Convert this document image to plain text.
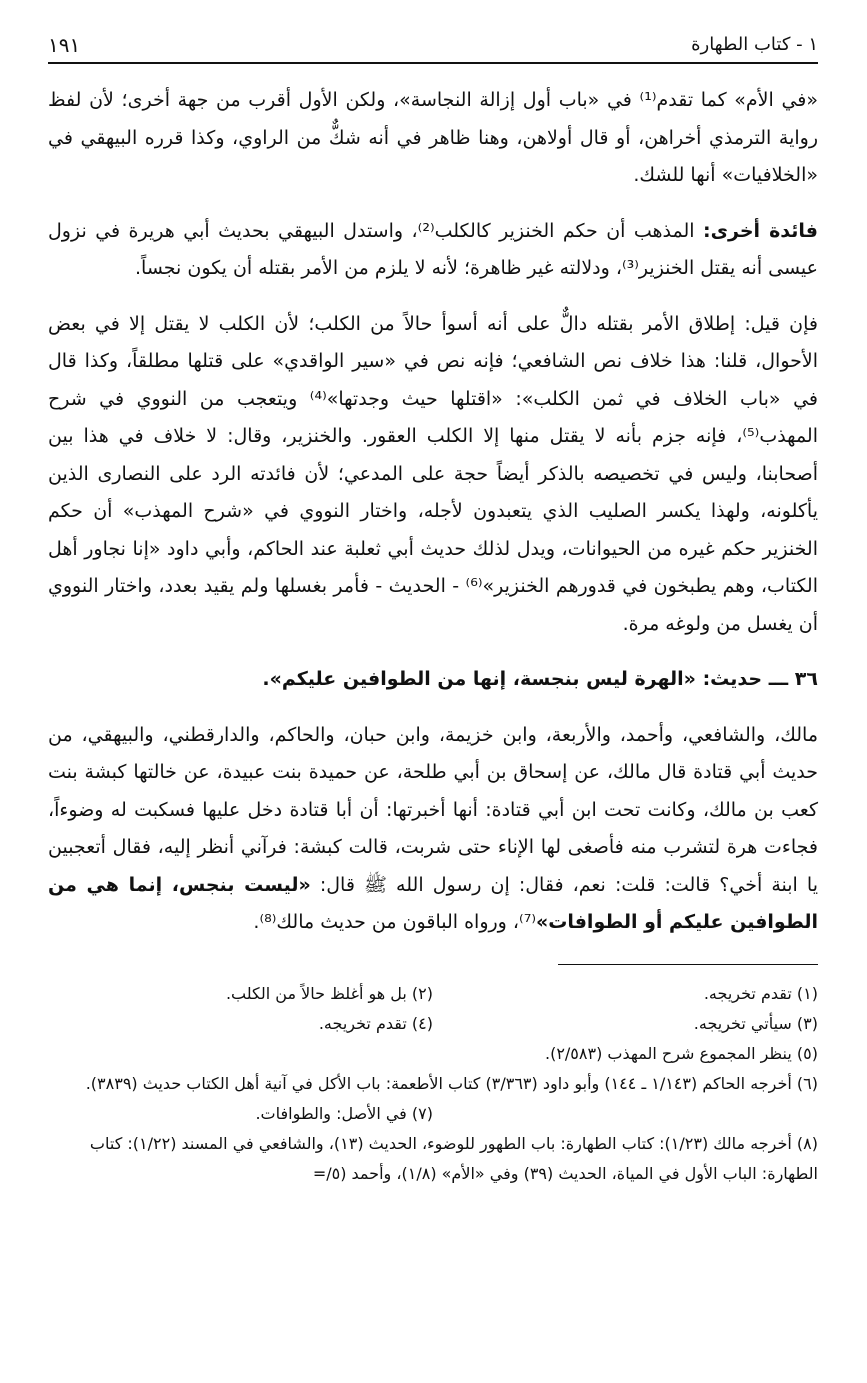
١ - كتاب الطهارة
١٩١

«في الأم» كما تقدم⁽¹⁾ في «باب أول إزالة النجاسة»، ولكن الأول أقرب من جهة أخرى؛ لأن لفظ رواية الترمذي أخراهن، أو قال أولاهن، وهنا ظاهر في أنه شكٌّ من الراوي، وكذا قرره البيهقي في «الخلافيات» أنها للشك.

فائدة أخرى: المذهب أن حكم الخنزير كالكلب⁽²⁾، واستدل البيهقي بحديث أبي هريرة في نزول عيسى أنه يقتل الخنزير⁽³⁾، ودلالته غير ظاهرة؛ لأنه لا يلزم من الأمر بقتله أن يكون نجساً.

فإن قيل: إطلاق الأمر بقتله دالٌّ على أنه أسوأ حالاً من الكلب؛ لأن الكلب لا يقتل إلا في بعض الأحوال، قلنا: هذا خلاف نص الشافعي؛ فإنه نص في «سير الواقدي» على قتلها مطلقاً، وكذا قال في «باب الخلاف في ثمن الكلب»: «اقتلها حيث وجدتها»⁽⁴⁾ ويتعجب من النووي في شرح المهذب⁽⁵⁾، فإنه جزم بأنه لا يقتل منها إلا الكلب العقور. والخنزير، وقال: لا خلاف في هذا بين أصحابنا، وليس في تخصيصه بالذكر أيضاً حجة على المدعي؛ لأن فائدته الرد على النصارى الذين يأكلونه، ولهذا يكسر الصليب الذي يتعبدون لأجله، واختار النووي في «شرح المهذب» أن حكم الخنزير حكم غيره من الحيوانات، ويدل لذلك حديث أبي ثعلبة عند الحاكم، وأبي داود «إنا نجاور أهل الكتاب، وهم يطبخون في قدورهم الخنزير»⁽⁶⁾ - الحديث - فأمر بغسلها ولم يقيد بعدد، واختار النووي أن يغسل من ولوغه مرة.

٣٦ ـــ حديث: «الهرة ليس بنجسة، إنها من الطوافين عليكم».

مالك، والشافعي، وأحمد، والأربعة، وابن خزيمة، وابن حبان، والحاكم، والدارقطني، والبيهقي، من حديث أبي قتادة قال مالك، عن إسحاق بن أبي طلحة، عن حميدة بنت عبيدة، عن خالتها كبشة بنت كعب بن مالك، وكانت تحت ابن أبي قتادة: أنها أخبرتها: أن أبا قتادة دخل عليها فسكبت له وضوءاً، فجاءت هرة لتشرب منه فأصغى لها الإناء حتى شربت، قالت كبشة: فرآني أنظر إليه، فقال أتعجبين يا ابنة أخي؟ قالت: قلت: نعم، فقال: إن رسول الله ﷺ قال: «ليست بنجس، إنما هي من الطوافين عليكم أو الطوافات»⁽⁷⁾، ورواه الباقون من حديث مالك⁽⁸⁾.

(١) تقدم تخريجه.
(٢) بل هو أغلظ حالاً من الكلب.
(٣) سيأتي تخريجه.
(٤) تقدم تخريجه.
(٥) ينظر المجموع شرح المهذب (٢/٥٨٣).
(٦) أخرجه الحاكم (١/١٤٣ ـ ١٤٤) وأبو داود (٣/٣٦٣) كتاب الأطعمة: باب الأكل في آنية أهل الكتاب حديث (٣٨٣٩).
(٧) في الأصل: والطوافات.
(٨) أخرجه مالك (١/٢٣): كتاب الطهارة: باب الطهور للوضوء، الحديث (١٣)، والشافعي في المسند (١/٢٢): كتاب الطهارة: الباب الأول في المياة، الحديث (٣٩) وفي «الأم» (١/٨)، وأحمد (٥/=
